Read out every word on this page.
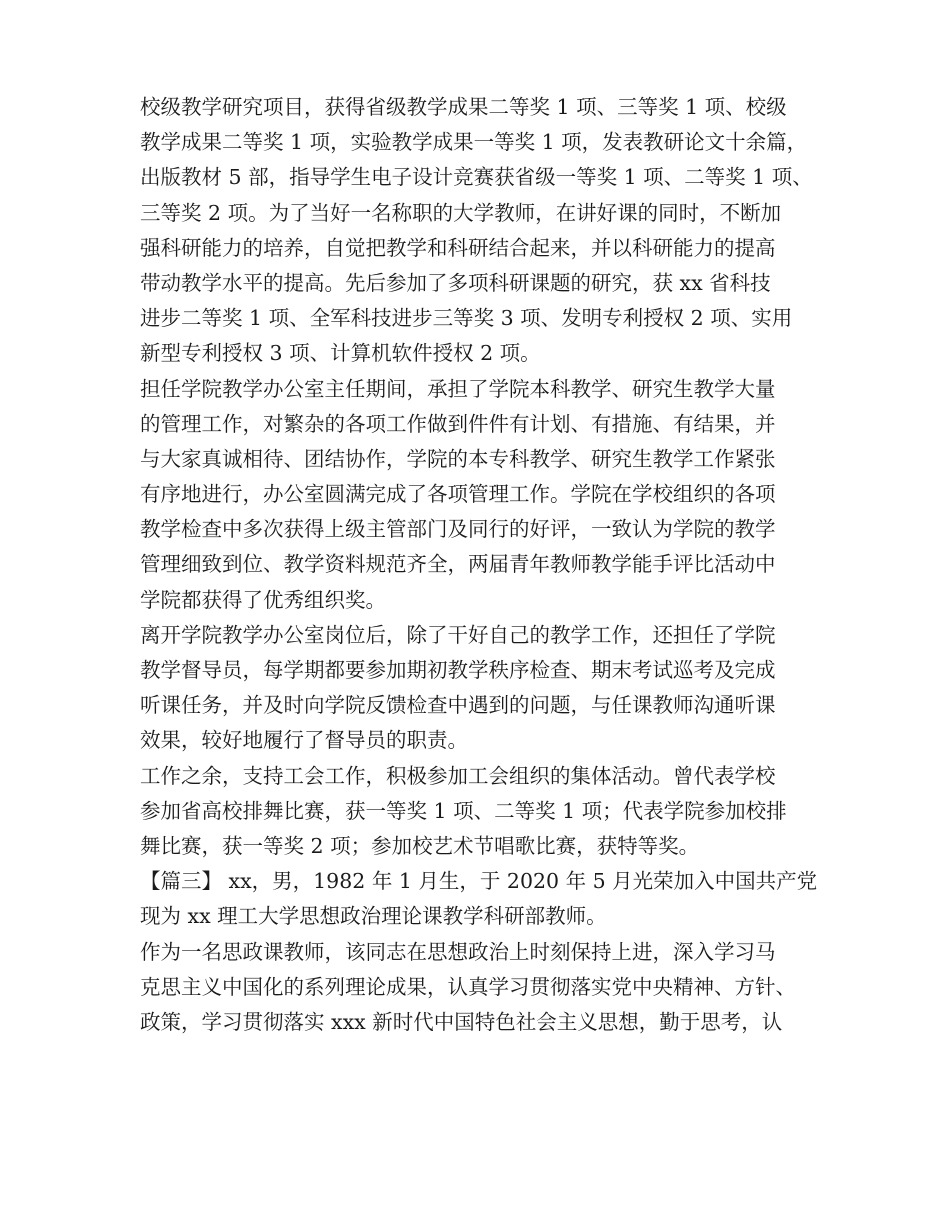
校级教学研究项目，获得省级教学成果二等奖 1 项、三等奖 1 项、校级
教学成果二等奖 1 项，实验教学成果一等奖 1 项，发表教研论文十余篇，
出版教材 5 部，指导学生电子设计竞赛获省级一等奖 1 项、二等奖 1 项、
三等奖 2 项。为了当好一名称职的大学教师，在讲好课的同时，不断加
强科研能力的培养，自觉把教学和科研结合起来，并以科研能力的提高
带动教学水平的提高。先后参加了多项科研课题的研究，获 xx 省科技
进步二等奖 1 项、全军科技进步三等奖 3 项、发明专利授权 2 项、实用
新型专利授权 3 项、计算机软件授权 2 项。
担任学院教学办公室主任期间，承担了学院本科教学、研究生教学大量
的管理工作，对繁杂的各项工作做到件件有计划、有措施、有结果，并
与大家真诚相待、团结协作，学院的本专科教学、研究生教学工作紧张
有序地进行，办公室圆满完成了各项管理工作。学院在学校组织的各项
教学检查中多次获得上级主管部门及同行的好评，一致认为学院的教学
管理细致到位、教学资料规范齐全，两届青年教师教学能手评比活动中
学院都获得了优秀组织奖。
离开学院教学办公室岗位后，除了干好自己的教学工作，还担任了学院
教学督导员，每学期都要参加期初教学秩序检查、期末考试巡考及完成
听课任务，并及时向学院反馈检查中遇到的问题，与任课教师沟通听课
效果，较好地履行了督导员的职责。
工作之余，支持工会工作，积极参加工会组织的集体活动。曾代表学校
参加省高校排舞比赛，获一等奖 1 项、二等奖 1 项；代表学院参加校排
舞比赛，获一等奖 2 项；参加校艺术节唱歌比赛，获特等奖。
【篇三】 xx，男，1982 年 1 月生，于 2020 年 5 月光荣加入中国共产党
现为 xx 理工大学思想政治理论课教学科研部教师。
作为一名思政课教师，该同志在思想政治上时刻保持上进，深入学习马
克思主义中国化的系列理论成果，认真学习贯彻落实党中央精神、方针、
政策，学习贯彻落实 xxx 新时代中国特色社会主义思想，勤于思考，认
